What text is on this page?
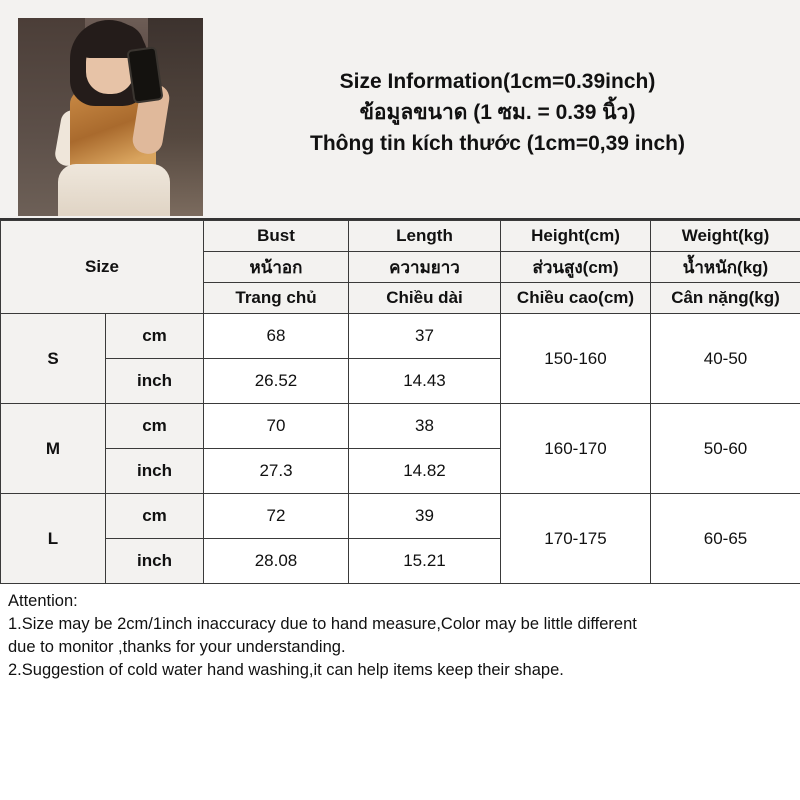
Size Information(1cm=0.39inch)
ข้อมูลขนาด (1 ซม. = 0.39 นิ้ว)
Thông tin kích thước (1cm=0,39 inch)
Size		Bust	Length	Height(cm)	Weight(kg)
		หน้าอก	ความยาว	ส่วนสูง(cm)	น้ำหนัก(kg)
		Trang chủ	Chiều dài	Chiều cao(cm)	Cân nặng(kg)
S	cm	68	37	150-160	40-50
	inch	26.52	14.43		
M	cm	70	38	160-170	50-60
	inch	27.3	14.82		
L	cm	72	39	170-175	60-65
	inch	28.08	15.21		
Attention:
1.Size may be 2cm/1inch inaccuracy due to hand measure,Color may be little different
due to monitor ,thanks for your understanding.
2.Suggestion of cold water hand washing,it can help items keep their shape.
